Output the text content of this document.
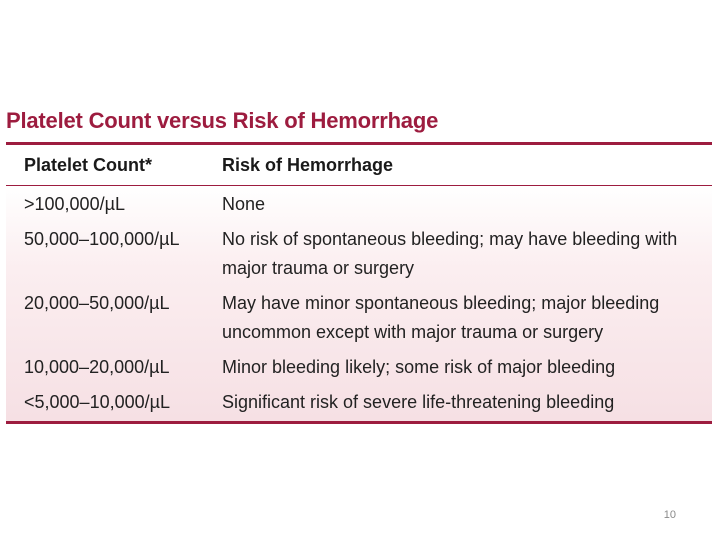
Platelet Count versus Risk of Hemorrhage
Platelet Count*	Risk of Hemorrhage
>100,000/µL	None
50,000–100,000/µL	No risk of spontaneous bleeding; may have bleeding with major trauma or surgery
20,000–50,000/µL	May have minor spontaneous bleeding; major bleeding uncommon except with major trauma or surgery
10,000–20,000/µL	Minor bleeding likely; some risk of major bleeding
<5,000–10,000/µL	Significant risk of severe life-threatening bleeding
10
